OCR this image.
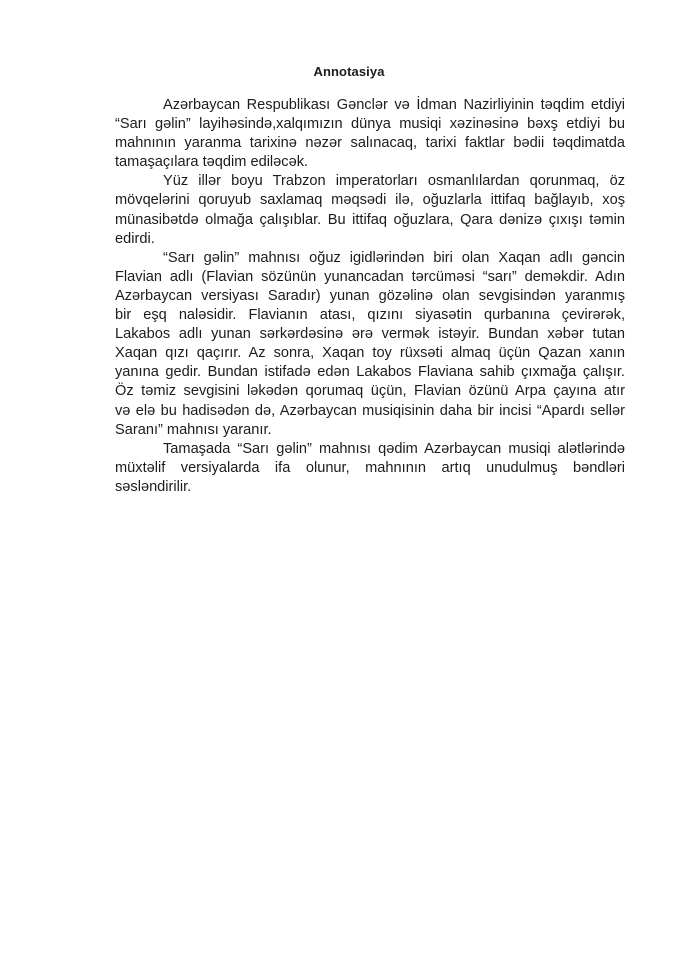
Annotasiya
Azərbaycan Respublikası Gənclər və İdman Nazirliyinin təqdim etdiyi
“Sarı gəlin” layihəsində,xalqımızın dünya musiqi xəzinəsinə bəxş etdiyi bu
mahnının yaranma tarixinə nəzər salınacaq, tarixi faktlar bədii təqdimatda
tamaşaçılara təqdim ediləcək.
Yüz illər boyu Trabzon imperatorları osmanlılardan qorunmaq, öz
mövqelərini qoruyub saxlamaq məqsədi ilə, oğuzlarla ittifaq bağlayıb, xoş
münasibətdə olmağa çalışıblar. Bu ittifaq oğuzlara, Qara dənizə çıxışı təmin
edirdi.
“Sarı gəlin” mahnısı oğuz igidlərindən biri olan Xaqan adlı gəncin
Flavian adlı (Flavian sözünün yunancadan tərcüməsi “sarı” deməkdir. Adın
Azərbaycan versiyası Saradır) yunan gözəlinə olan sevgisindən yaranmış
bir eşq naləsidir. Flavianın atası, qızını siyasətin qurbanına çevirərək,
Lakabos adlı yunan sərkərdəsinə ərə vermək istəyir. Bundan xəbər tutan
Xaqan qızı qaçırır. Az sonra, Xaqan toy rüxsəti almaq üçün Qazan xanın
yanına gedir. Bundan istifadə edən Lakabos Flaviana sahib çıxmağa çalışır.
Öz təmiz sevgisini ləkədən qorumaq üçün, Flavian özünü Arpa çayına atır
və elə bu hadisədən də, Azərbaycan musiqisinin daha bir incisi “Apardı sellər
Saranı” mahnısı yaranır.
Tamaşada “Sarı gəlin” mahnısı qədim Azərbaycan musiqi alətlərində
müxtəlif versiyalarda ifa olunur, mahnının artıq unudulmuş bəndləri
səsləndirilir.
